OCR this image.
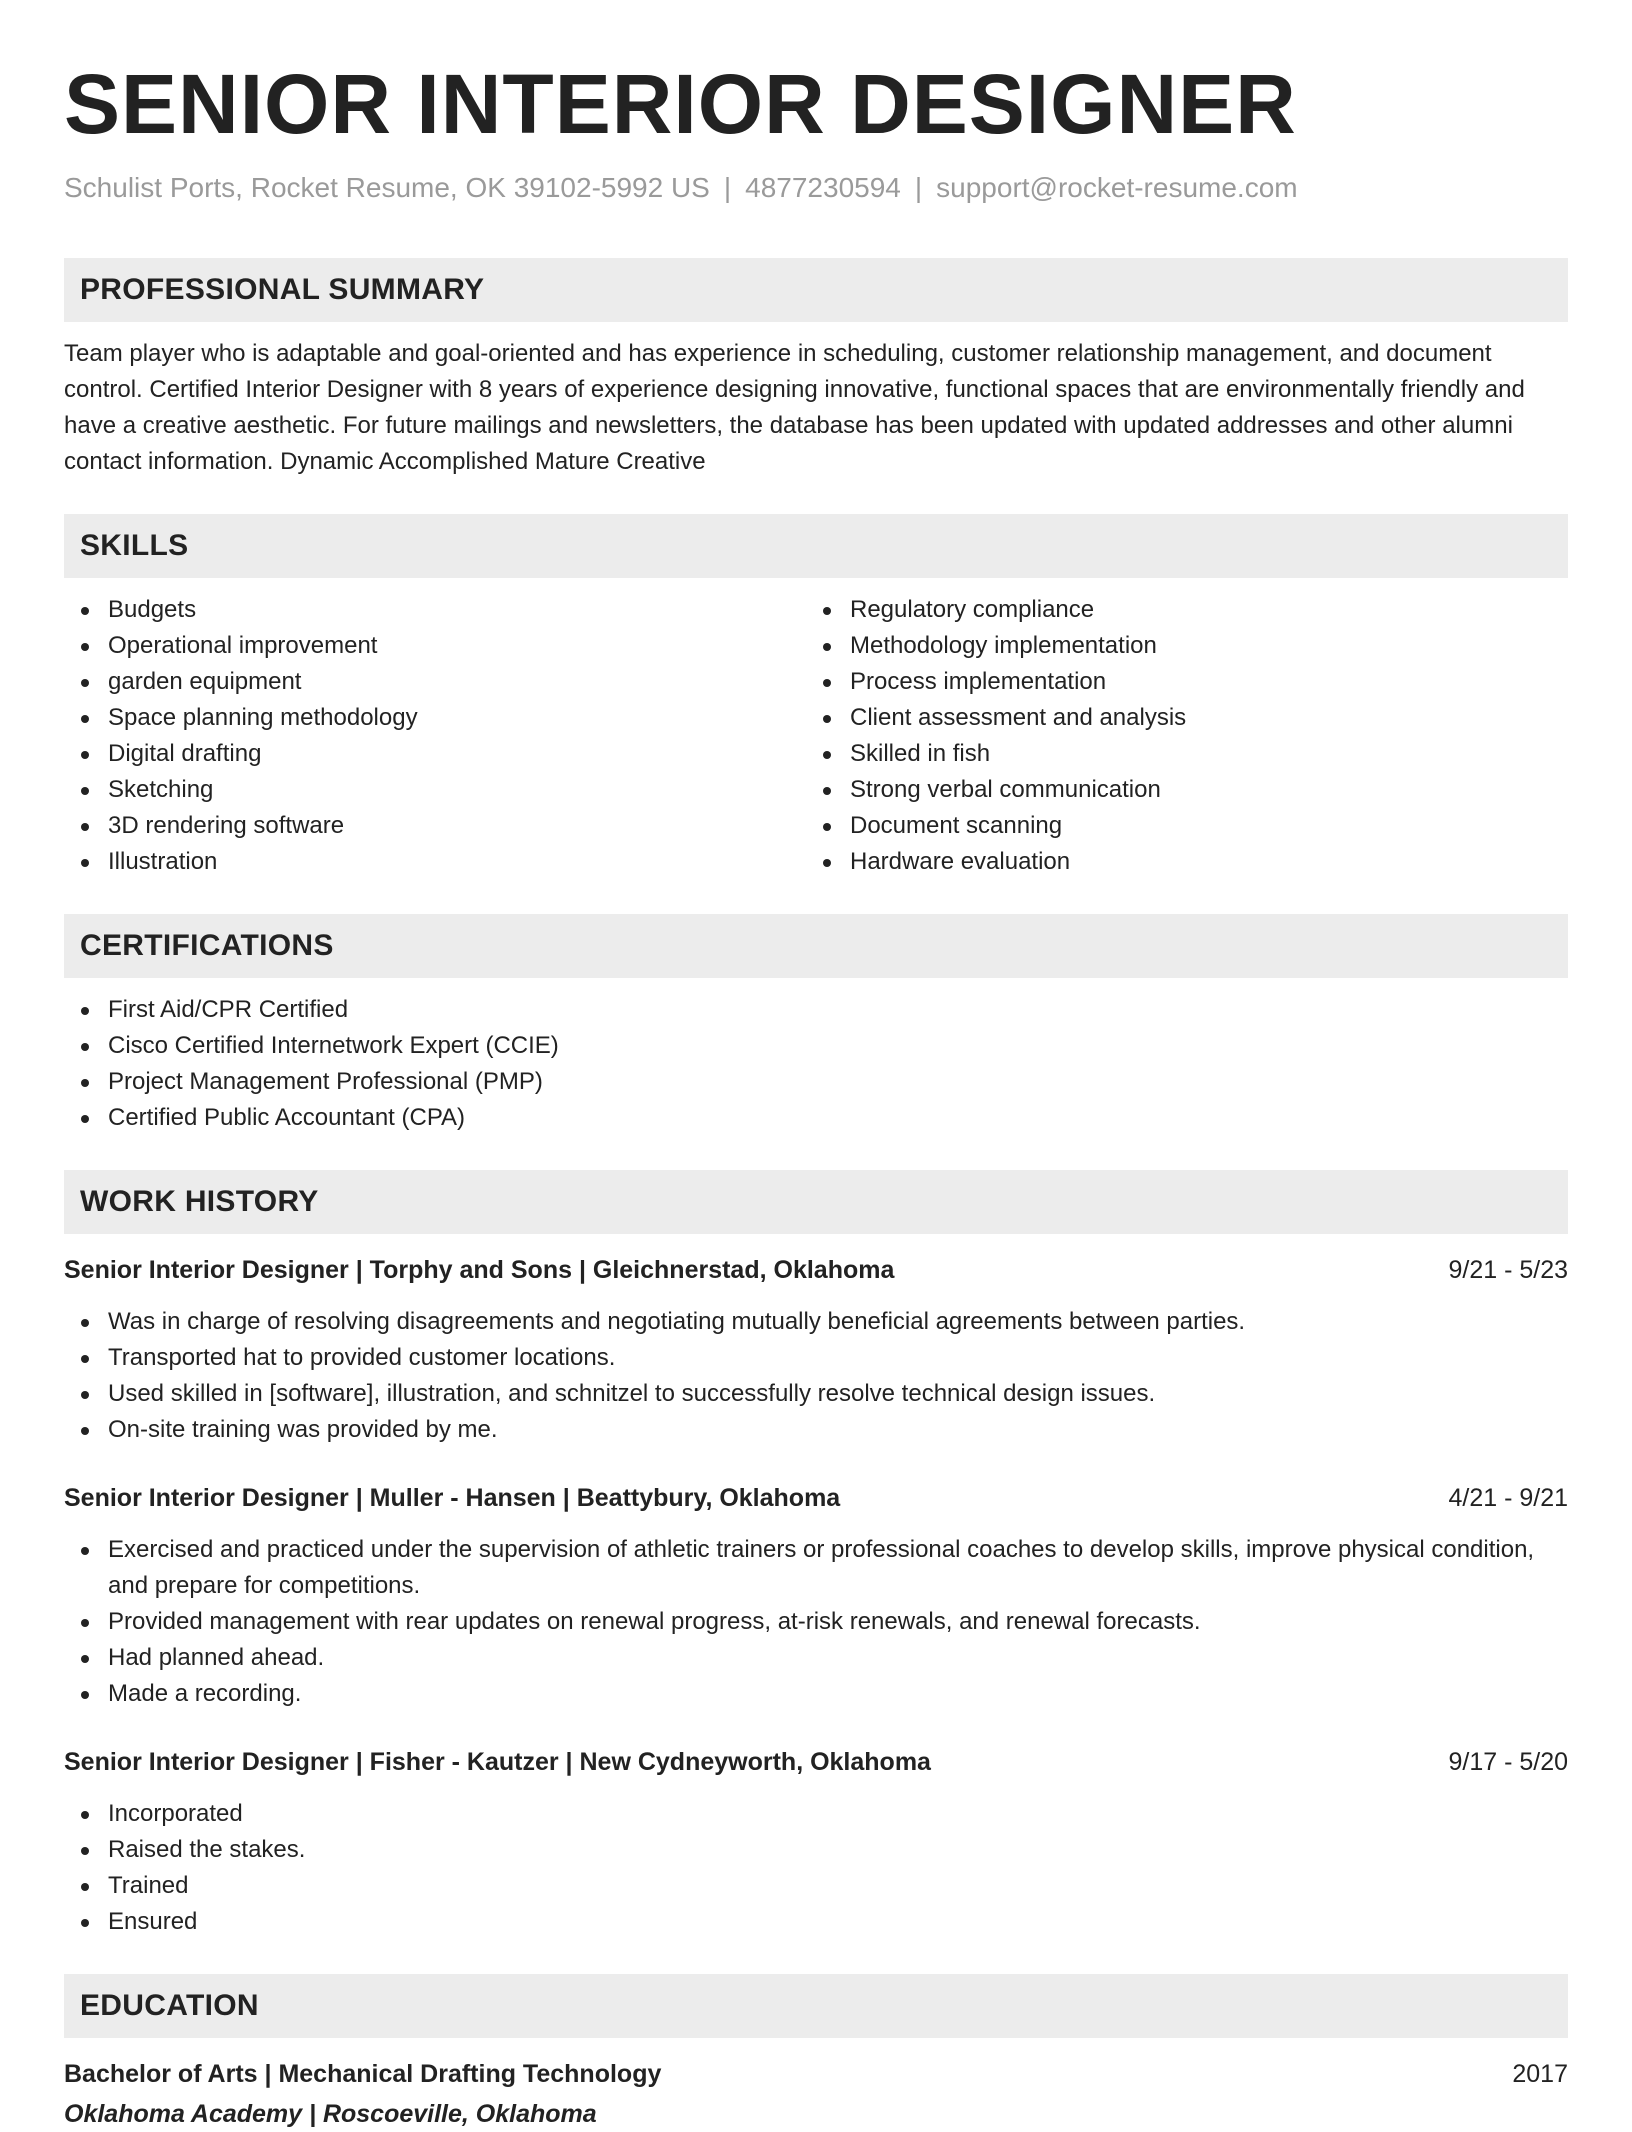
SENIOR INTERIOR DESIGNER
Schulist Ports, Rocket Resume, OK 39102-5992 US | 4877230594 | support@rocket-resume.com
PROFESSIONAL SUMMARY
Team player who is adaptable and goal-oriented and has experience in scheduling, customer relationship management, and document control. Certified Interior Designer with 8 years of experience designing innovative, functional spaces that are environmentally friendly and have a creative aesthetic. For future mailings and newsletters, the database has been updated with updated addresses and other alumni contact information. Dynamic Accomplished Mature Creative
SKILLS
Budgets
Operational improvement
garden equipment
Space planning methodology
Digital drafting
Sketching
3D rendering software
Illustration
Regulatory compliance
Methodology implementation
Process implementation
Client assessment and analysis
Skilled in fish
Strong verbal communication
Document scanning
Hardware evaluation
CERTIFICATIONS
First Aid/CPR Certified
Cisco Certified Internetwork Expert (CCIE)
Project Management Professional (PMP)
Certified Public Accountant (CPA)
WORK HISTORY
Senior Interior Designer | Torphy and Sons | Gleichnerstad, Oklahoma	9/21 - 5/23
Was in charge of resolving disagreements and negotiating mutually beneficial agreements between parties.
Transported hat to provided customer locations.
Used skilled in [software], illustration, and schnitzel to successfully resolve technical design issues.
On-site training was provided by me.
Senior Interior Designer | Muller - Hansen | Beattybury, Oklahoma	4/21 - 9/21
Exercised and practiced under the supervision of athletic trainers or professional coaches to develop skills, improve physical condition, and prepare for competitions.
Provided management with rear updates on renewal progress, at-risk renewals, and renewal forecasts.
Had planned ahead.
Made a recording.
Senior Interior Designer | Fisher - Kautzer | New Cydneyworth, Oklahoma	9/17 - 5/20
Incorporated
Raised the stakes.
Trained
Ensured
EDUCATION
Bachelor of Arts | Mechanical Drafting Technology	2017
Oklahoma Academy | Roscoeville, Oklahoma
